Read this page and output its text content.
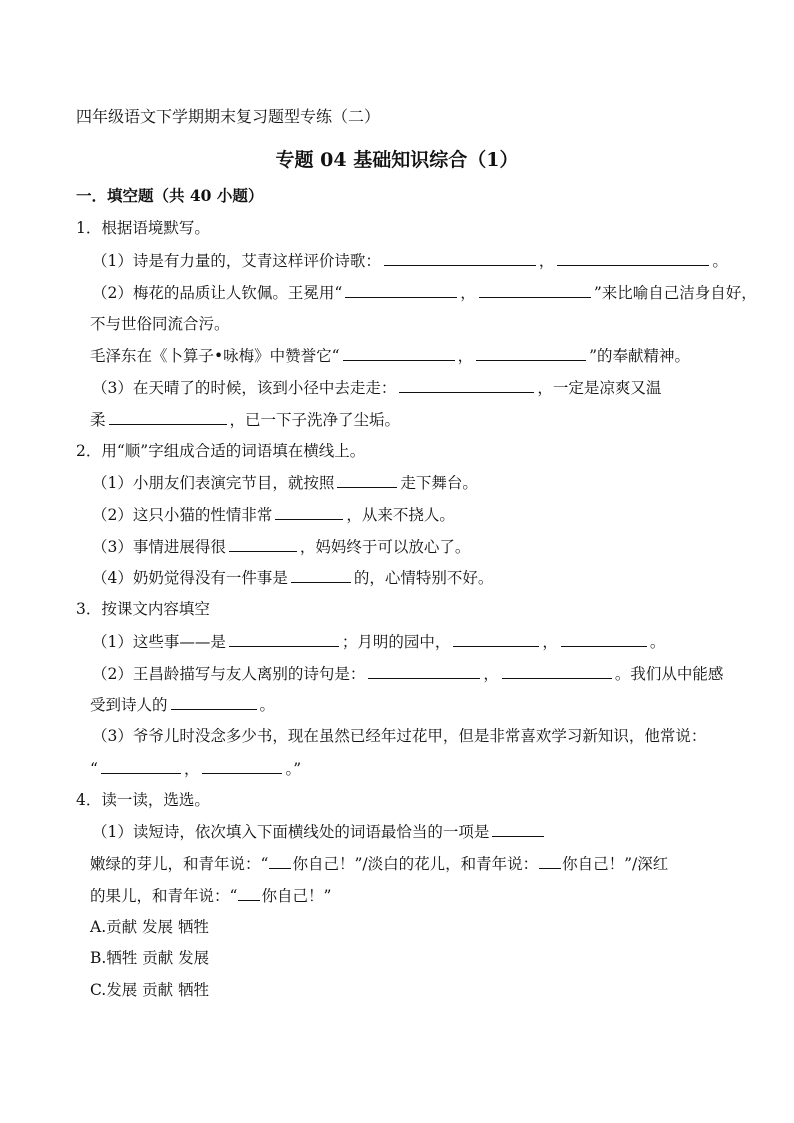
四年级语文下学期期末复习题型专练（二）
专题 04 基础知识综合（1）
一．填空题（共 40 小题）
1．根据语境默写。
（1）诗是有力量的，艾青这样评价诗歌：	，	。
（2）梅花的品质让人钦佩。王冕用“	，	”来比喻自己洁身自好，
不与世俗同流合污。
毛泽东在《卜算子•咏梅》中赞誉它“	，	”的奉献精神。
（3）在天晴了的时候，该到小径中去走走：	，一定是凉爽又温
柔	，已一下子洗净了尘垢。
2．用“顺”字组成合适的词语填在横线上。
（1）小朋友们表演完节目，就按照	走下舞台。
（2）这只小猫的性情非常	，从来不挠人。
（3）事情进展得很	，妈妈终于可以放心了。
（4）奶奶觉得没有一件事是	的，心情特别不好。
3．按课文内容填空
（1）这些事——是	；月明的园中，	，	。
（2）王昌龄描写与友人离别的诗句是：	，	。我们从中能感
受到诗人的	。
（3）爷爷儿时没念多少书，现在虽然已经年过花甲，但是非常喜欢学习新知识，他常说：
“	，	。”
4．读一读，选选。
（1）读短诗，依次填入下面横线处的词语最恰当的一项是
嫩绿的芽儿，和青年说：“ 你自己！”/淡白的花儿，和青年说： 你自己！”/深红
的果儿，和青年说：“ 你自己！”
A.贡献 发展 牺牲
B.牺牲 贡献 发展
C.发展 贡献 牺牲
